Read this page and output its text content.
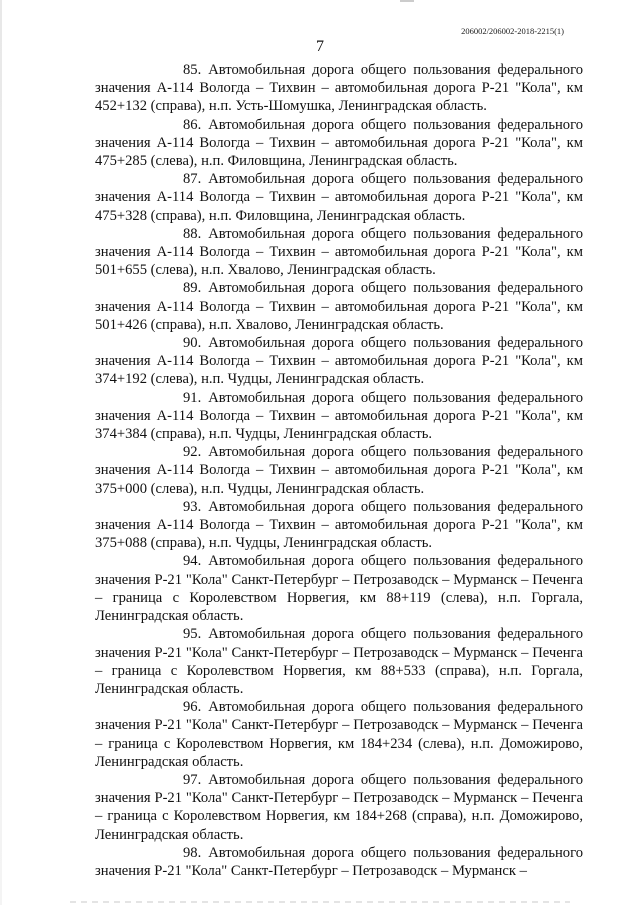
206002/206002-2018-2215(1)
7

85. Автомобильная дорога общего пользования федерального значения А-114 Вологда – Тихвин – автомобильная дорога Р-21 "Кола", км 452+132 (справа), н.п. Усть-Шомушка, Ленинградская область.

86. Автомобильная дорога общего пользования федерального значения А-114 Вологда – Тихвин – автомобильная дорога Р-21 "Кола", км 475+285 (слева), н.п. Филовщина, Ленинградская область.

87. Автомобильная дорога общего пользования федерального значения А-114 Вологда – Тихвин – автомобильная дорога Р-21 "Кола", км 475+328 (справа), н.п. Филовщина, Ленинградская область.

88. Автомобильная дорога общего пользования федерального значения А-114 Вологда – Тихвин – автомобильная дорога Р-21 "Кола", км 501+655 (слева), н.п. Хвалово, Ленинградская область.

89. Автомобильная дорога общего пользования федерального значения А-114 Вологда – Тихвин – автомобильная дорога Р-21 "Кола", км 501+426 (справа), н.п. Хвалово, Ленинградская область.

90. Автомобильная дорога общего пользования федерального значения А-114 Вологда – Тихвин – автомобильная дорога Р-21 "Кола", км 374+192 (слева), н.п. Чудцы, Ленинградская область.

91. Автомобильная дорога общего пользования федерального значения А-114 Вологда – Тихвин – автомобильная дорога Р-21 "Кола", км 374+384 (справа), н.п. Чудцы, Ленинградская область.

92. Автомобильная дорога общего пользования федерального значения А-114 Вологда – Тихвин – автомобильная дорога Р-21 "Кола", км 375+000 (слева), н.п. Чудцы, Ленинградская область.

93. Автомобильная дорога общего пользования федерального значения А-114 Вологда – Тихвин – автомобильная дорога Р-21 "Кола", км 375+088 (справа), н.п. Чудцы, Ленинградская область.

94. Автомобильная дорога общего пользования федерального значения Р-21 "Кола" Санкт-Петербург – Петрозаводск – Мурманск – Печенга – граница с Королевством Норвегия, км 88+119 (слева), н.п. Горгала, Ленинградская область.

95. Автомобильная дорога общего пользования федерального значения Р-21 "Кола" Санкт-Петербург – Петрозаводск – Мурманск – Печенга – граница с Королевством Норвегия, км 88+533 (справа), н.п. Горгала, Ленинградская область.

96. Автомобильная дорога общего пользования федерального значения Р-21 "Кола" Санкт-Петербург – Петрозаводск – Мурманск – Печенга – граница с Королевством Норвегия, км 184+234 (слева), н.п. Доможирово, Ленинградская область.

97. Автомобильная дорога общего пользования федерального значения Р-21 "Кола" Санкт-Петербург – Петрозаводск – Мурманск – Печенга – граница с Королевством Норвегия, км 184+268 (справа), н.п. Доможирово, Ленинградская область.

98. Автомобильная дорога общего пользования федерального значения Р-21 "Кола" Санкт-Петербург – Петрозаводск – Мурманск –
